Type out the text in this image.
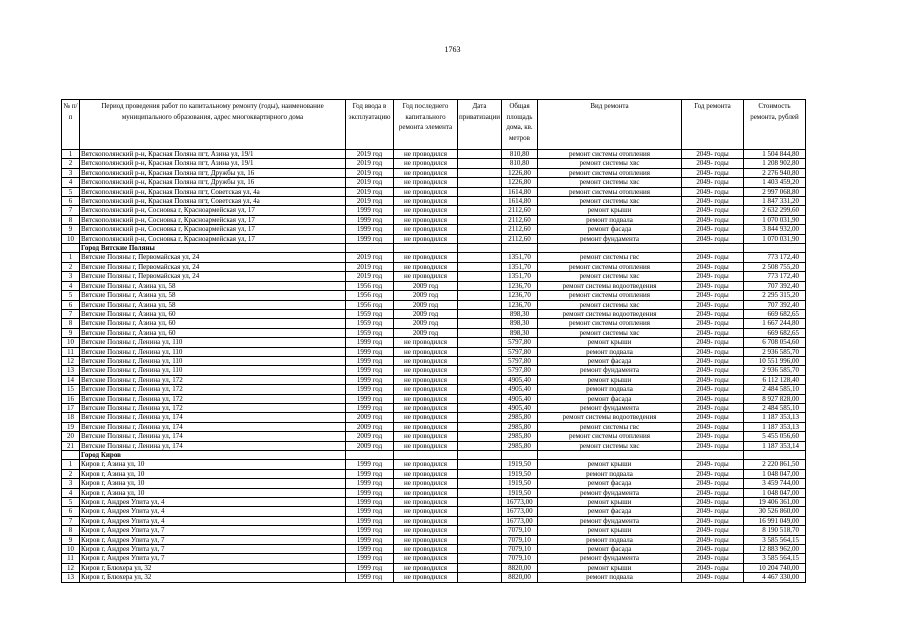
1763
№ п/п	Период проведения работ по капитальному ремонту (годы), наименование муниципального образования, адрес многоквартирного дома	Год ввода в эксплуатацию	Год последнего капитального ремонта элемента	Дата приватизации	Общая площадь дома, кв. метров	Вид ремонта	Год ремонта	Стоимость ремонта, рублей
1	Вятскополянский р-н, Красная Поляна пгт, Азина ул, 19/1	2019 год	не проводился		810,80	ремонт системы отопления	2049- годы	1 504 844,80
2	Вятскополянский р-н, Красная Поляна пгт, Азина ул, 19/1	2019 год	не проводился		810,80	ремонт системы хвс	2049- годы	1 208 902,80
3	Вятскополянский р-н, Красная Поляна пгт, Дружбы ул, 16	2019 год	не проводился		1226,80	ремонт системы отопления	2049- годы	2 276 940,80
4	Вятскополянский р-н, Красная Поляна пгт, Дружбы ул, 16	2019 год	не проводился		1226,80	ремонт системы хвс	2049- годы	1 403 459,20
5	Вятскополянский р-н, Красная Поляна пгт, Советская ул, 4а	2019 год	не проводился		1614,80	ремонт системы отопления	2049- годы	2 997 068,80
6	Вятскополянский р-н, Красная Поляна пгт, Советская ул, 4а	2019 год	не проводился		1614,80	ремонт системы хвс	2049- годы	1 847 331,20
7	Вятскополянский р-н, Сосновка г, Красноармейская ул, 17	1999 год	не проводился		2112,60	ремонт крыши	2049- годы	2 632 299,60
8	Вятскополянский р-н, Сосновка г, Красноармейская ул, 17	1999 год	не проводился		2112,60	ремонт подвала	2049- годы	1 070 031,90
9	Вятскополянский р-н, Сосновка г, Красноармейская ул, 17	1999 год	не проводился		2112,60	ремонт фасада	2049- годы	3 844 932,00
10	Вятскополянский р-н, Сосновка г, Красноармейская ул, 17	1999 год	не проводился		2112,60	ремонт фундамента	2049- годы	1 070 031,90
	Город Вятские Поляны							
1	Вятские Поляны г, Первомайская ул, 24	2019 год	не проводился		1351,70	ремонт системы гвс	2049- годы	773 172,40
2	Вятские Поляны г, Первомайская ул, 24	2019 год	не проводился		1351,70	ремонт системы отопления	2049- годы	2 508 755,20
3	Вятские Поляны г, Первомайская ул, 24	2019 год	не проводился		1351,70	ремонт системы хвс	2049- годы	773 172,40
4	Вятские Поляны г, Азина ул, 58	1956 год	2009 год		1236,70	ремонт системы водоотведения	2049- годы	707 392,40
5	Вятские Поляны г, Азина ул, 58	1956 год	2009 год		1236,70	ремонт системы отопления	2049- годы	2 295 315,20
6	Вятские Поляны г, Азина ул, 58	1956 год	2009 год		1236,70	ремонт системы хвс	2049- годы	707 392,40
7	Вятские Поляны г, Азина ул, 60	1959 год	2009 год		898,30	ремонт системы водоотведения	2049- годы	669 682,65
8	Вятские Поляны г, Азина ул, 60	1959 год	2009 год		898,30	ремонт системы отопления	2049- годы	1 667 244,80
9	Вятские Поляны г, Азина ул, 60	1959 год	2009 год		898,30	ремонт системы хвс	2049- годы	669 682,65
10	Вятские Поляны г, Ленина ул, 110	1999 год	не проводился		5797,80	ремонт крыши	2049- годы	6 708 054,60
11	Вятские Поляны г, Ленина ул, 110	1999 год	не проводился		5797,80	ремонт подвала	2049- годы	2 936 585,70
12	Вятские Поляны г, Ленина ул, 110	1999 год	не проводился		5797,80	ремонт фасада	2049- годы	10 551 996,00
13	Вятские Поляны г, Ленина ул, 110	1999 год	не проводился		5797,80	ремонт фундамента	2049- годы	2 936 585,70
14	Вятские Поляны г, Ленина ул, 172	1999 год	не проводился		4905,40	ремонт крыши	2049- годы	6 112 128,40
15	Вятские Поляны г, Ленина ул, 172	1999 год	не проводился		4905,40	ремонт подвала	2049- годы	2 484 585,10
16	Вятские Поляны г, Ленина ул, 172	1999 год	не проводился		4905,40	ремонт фасада	2049- годы	8 927 828,00
17	Вятские Поляны г, Ленина ул, 172	1999 год	не проводился		4905,40	ремонт фундамента	2049- годы	2 484 585,10
18	Вятские Поляны г, Ленина ул, 174	2009 год	не проводился		2985,80	ремонт системы водоотведения	2049- годы	1 187 353,13
19	Вятские Поляны г, Ленина ул, 174	2009 год	не проводился		2985,80	ремонт системы гвс	2049- годы	1 187 353,13
20	Вятские Поляны г, Ленина ул, 174	2009 год	не проводился		2985,80	ремонт системы отопления	2049- годы	5 455 056,60
21	Вятские Поляны г, Ленина ул, 174	2009 год	не проводился		2985,80	ремонт системы хвс	2049- годы	1 187 353,14
	Город Киров							
1	Киров г, Азина ул, 10	1999 год	не проводился		1919,50	ремонт крыши	2049- годы	2 220 861,50
2	Киров г, Азина ул, 10	1999 год	не проводился		1919,50	ремонт подвала	2049- годы	1 048 047,00
3	Киров г, Азина ул, 10	1999 год	не проводился		1919,50	ремонт фасада	2049- годы	3 459 744,00
4	Киров г, Азина ул, 10	1999 год	не проводился		1919,50	ремонт фундамента	2049- годы	1 048 047,00
5	Киров г, Андрея Упита ул, 4	1999 год	не проводился		16773,00	ремонт крыши	2049- годы	19 406 361,00
6	Киров г, Андрея Упита ул, 4	1999 год	не проводился		16773,00	ремонт фасада	2049- годы	30 526 860,00
7	Киров г, Андрея Упита ул, 4	1999 год	не проводился		16773,00	ремонт фундамента	2049- годы	16 991 049,00
8	Киров г, Андрея Упита ул, 7	1999 год	не проводился		7079,10	ремонт крыши	2049- годы	8 190 518,70
9	Киров г, Андрея Упита ул, 7	1999 год	не проводился		7079,10	ремонт подвала	2049- годы	3 585 564,15
10	Киров г, Андрея Упита ул, 7	1999 год	не проводился		7079,10	ремонт фасада	2049- годы	12 883 962,00
11	Киров г, Андрея Упита ул, 7	1999 год	не проводился		7079,10	ремонт фундамента	2049- годы	3 585 564,15
12	Киров г, Блюхера ул, 32	1999 год	не проводился		8820,00	ремонт крыши	2049- годы	10 204 740,00
13	Киров г, Блюхера ул, 32	1999 год	не проводился		8820,00	ремонт подвала	2049- годы	4 467 330,00
